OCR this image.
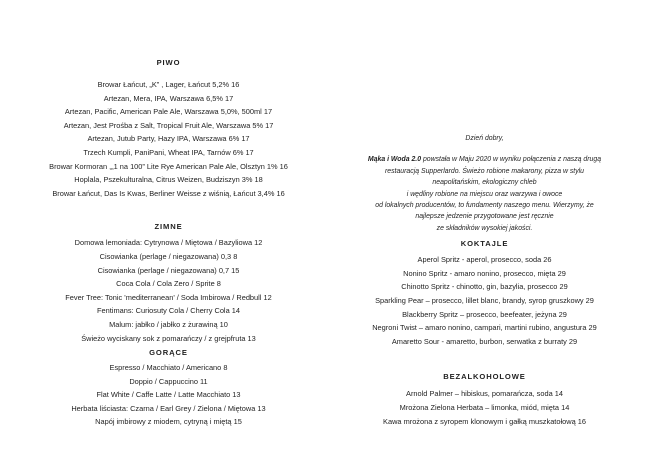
PIWO

Browar Łańcut, „K” , Lager, Łańcut 5,2% 16

Artezan, Mera, IPA, Warszawa 6,5% 17

Artezan, Pacific, American Pale Ale, Warszawa 5,0%, 500ml 17

Artezan, Jest Prośba z Salt, Tropical Fruit Ale, Warszawa 5% 17

Artezan, Jutub Party, Hazy IPA, Warszawa 6% 17

Trzech Kumpli, PaniPani, Wheat IPA, Tarnów 6% 17

Browar Kormoran ,„1 na 100” Lite Rye American Pale Ale, Olsztyn 1% 16

Hoplala, Pszekulturalna, Citrus Weizen, Budziszyn 3% 18

Browar Łańcut, Das Is Kwas, Berliner Weisse z wiśnią, Łańcut 3,4% 16

ZIMNE

Domowa lemoniada: Cytrynowa / Miętowa / Bazyliowa 12

Cisowianka (perlage / niegazowana) 0,3 8

Cisowianka (perlage / niegazowana) 0,7 15

Coca Cola / Cola Zero / Sprite 8

Fever Tree: Tonic 'mediterranean' / Soda Imbirowa / Redbull 12

Fentimans: Curiosuty Cola / Cherry Cola 14

Malum: jabłko / jabłko z żurawiną 10

Świeżo wyciskany sok z pomarańczy / z grejpfruta 13

GORĄCE

Espresso / Macchiato / Americano 8

Doppio / Cappuccino 11

Flat White / Caffe Latte / Latte Macchiato 13

Herbata liściasta: Czarna / Earl Grey / Zielona / Miętowa 13

Napój imbirowy z miodem, cytryną i miętą 15

Dzień dobry,

Mąka i Woda 2.0 powstała w Maju 2020 w wyniku połączenia z naszą drugą

restauracją Supperlardo. Świeżo robione makarony, pizza w stylu

neapolitańskim, ekologiczny chleb

i wędliny robione na miejscu oraz warzywa i owoce

od lokalnych producentów, to fundamenty naszego menu. Wierzymy, że

najlepsze jedzenie przygotowane jest ręcznie

ze składników wysokiej jakości.

KOKTAJLE

Aperol Spritz - aperol, prosecco, soda 26

Nonino Spritz - amaro nonino, prosecco, mięta 29

Chinotto Spritz - chinotto, gin, bazylia, prosecco 29

Sparkling Pear – prosecco, lillet blanc, brandy, syrop gruszkowy 29

Blackberry Spritz – prosecco, beefeater, jeżyna 29

Negroni Twist – amaro nonino, campari, martini rubino, angustura 29

Amaretto Sour - amaretto, burbon, serwatka z burraty 29

BEZALKOHOLOWE

Arnold Palmer – hibiskus, pomarańcza, soda 14

Mrożona Zielona Herbata – limonka, miód, mięta 14

Kawa mrożona z syropem klonowym i gałką muszkatołową 16
